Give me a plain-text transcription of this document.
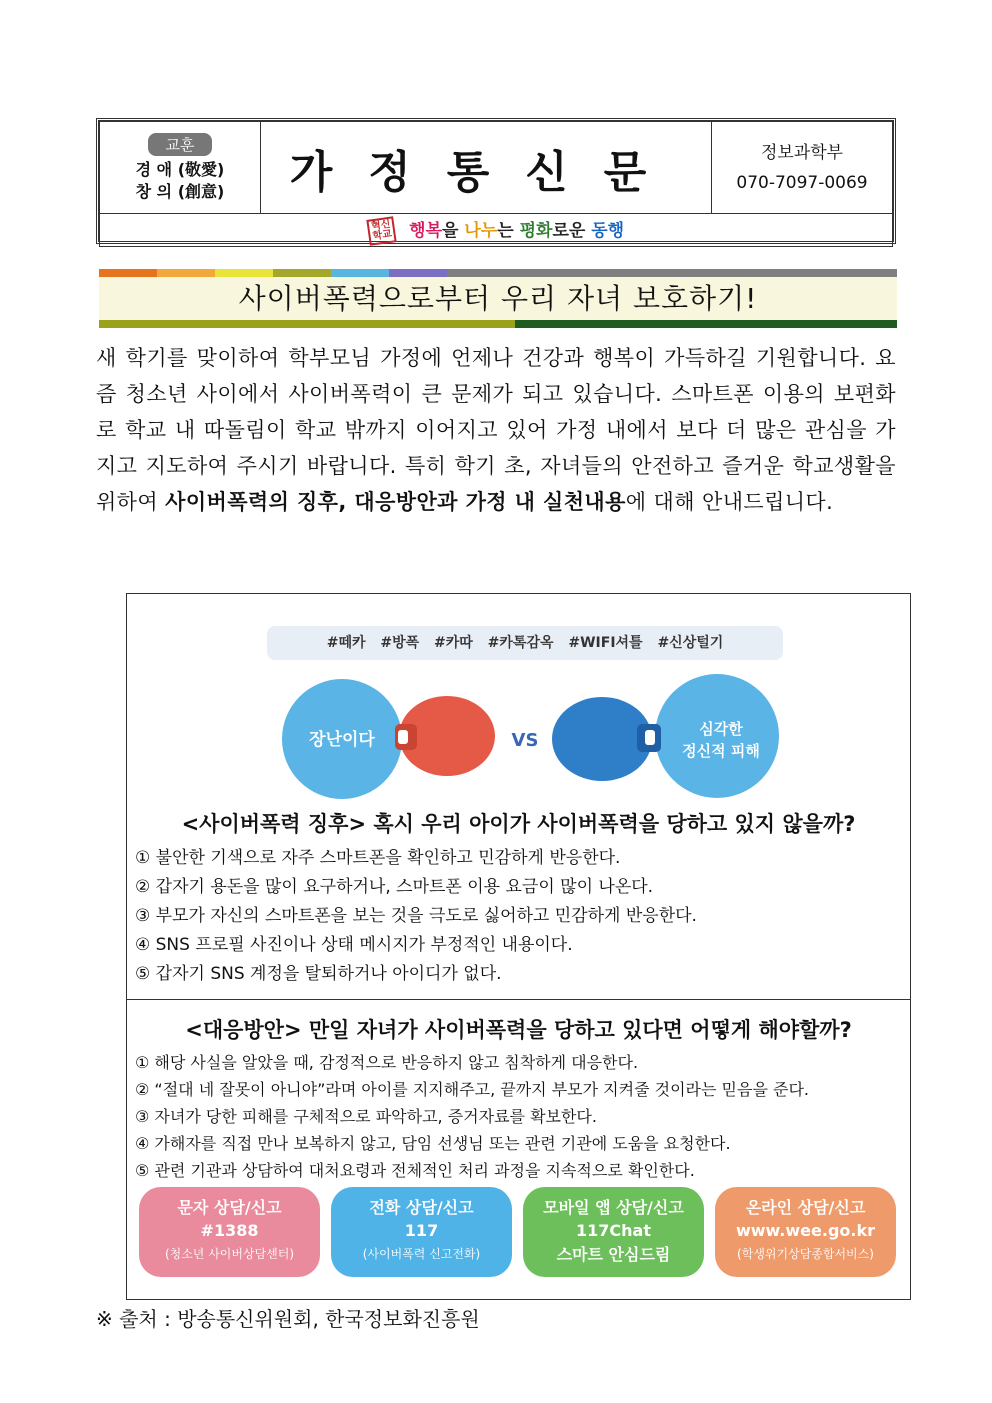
교훈
경 애 (敬愛)
창 의 (創意)	가정통신문	정보과학부
070-7097-0069

혁신
학교 행복을 나누는 평화로운 동행
사이버폭력으로부터 우리 자녀 보호하기!
새 학기를 맞이하여 학부모님 가정에 언제나 건강과 행복이 가득하길 기원합니다. 요즘 청소년 사이에서 사이버폭력이 큰 문제가 되고 있습니다. 스마트폰 이용의 보편화로 학교 내 따돌림이 학교 밖까지 이어지고 있어 가정 내에서 보다 더 많은 관심을 가지고 지도하여 주시기 바랍니다. 특히 학기 초, 자녀들의 안전하고 즐거운 학교생활을 위하여 사이버폭력의 징후, 대응방안과 가정 내 실천내용에 대해 안내드립니다.
#떼카 #방폭 #카따 #카톡감옥 #WIFI셔틀 #신상털기
장난이다	VS
심각한
정신적 피해
<사이버폭력 징후> 혹시 우리 아이가 사이버폭력을 당하고 있지 않을까?
① 불안한 기색으로 자주 스마트폰을 확인하고 민감하게 반응한다.
② 갑자기 용돈을 많이 요구하거나, 스마트폰 이용 요금이 많이 나온다.
③ 부모가 자신의 스마트폰을 보는 것을 극도로 싫어하고 민감하게 반응한다.
④ SNS 프로필 사진이나 상태 메시지가 부정적인 내용이다.
⑤ 갑자기 SNS 계정을 탈퇴하거나 아이디가 없다.
<대응방안> 만일 자녀가 사이버폭력을 당하고 있다면 어떻게 해야할까?
① 해당 사실을 알았을 때, 감정적으로 반응하지 않고 침착하게 대응한다.
② “절대 네 잘못이 아니야”라며 아이를 지지해주고, 끝까지 부모가 지켜줄 것이라는 믿음을 준다.
③ 자녀가 당한 피해를 구체적으로 파악하고, 증거자료를 확보한다.
④ 가해자를 직접 만나 보복하지 않고, 담임 선생님 또는 관련 기관에 도움을 요청한다.
⑤ 관련 기관과 상담하여 대처요령과 전체적인 처리 과정을 지속적으로 확인한다.
문자 상담/신고
#1388
(청소년 사이버상담센터)
전화 상담/신고
117
(사이버폭력 신고전화)
모바일 앱 상담/신고
117Chat
스마트 안심드림
온라인 상담/신고
www.wee.go.kr
(학생위기상담종합서비스)
※ 출처 : 방송통신위원회, 한국정보화진흥원
